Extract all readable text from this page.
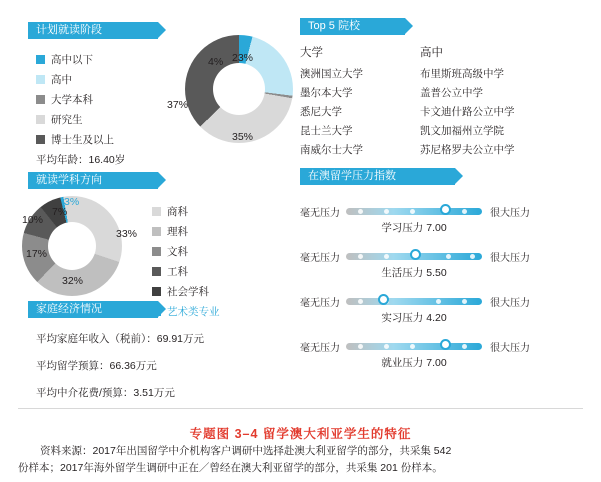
计划就读阶段
高中以下
高中
大学本科
研究生
博士生及以上
平均年龄：16.40岁
4% 23%
35%
37%
就读学科方向
3%
7%
10%
17%
32%
33%
商科
理科
文科
工科
社会学科
艺术类专业
家庭经济情况
平均家庭年收入（税前）：69.91万元
平均留学预算：66.36万元
平均中介花费/预算：3.51万元
Top 5 院校
大学	高中
澳洲国立大学	布里斯班高级中学
墨尔本大学	盖普公立中学
悉尼大学	卡文迪什路公立中学
昆士兰大学	凯文加福州立学院
南威尔士大学	苏尼格罗夫公立中学
在澳留学压力指数
毫无压力	很大压力
学习压力 7.00
毫无压力	很大压力
生活压力 5.50
毫无压力	很大压力
实习压力 4.20
毫无压力	很大压力
就业压力 7.00
专题图 3–4 留学澳大利亚学生的特征
资料来源：2017年出国留学中介机构客户调研中选择赴澳大利亚留学的部分，共采集 542
份样本；2017年海外留学生调研中正在／曾经在澳大利亚留学的部分，共采集 201 份样本。
